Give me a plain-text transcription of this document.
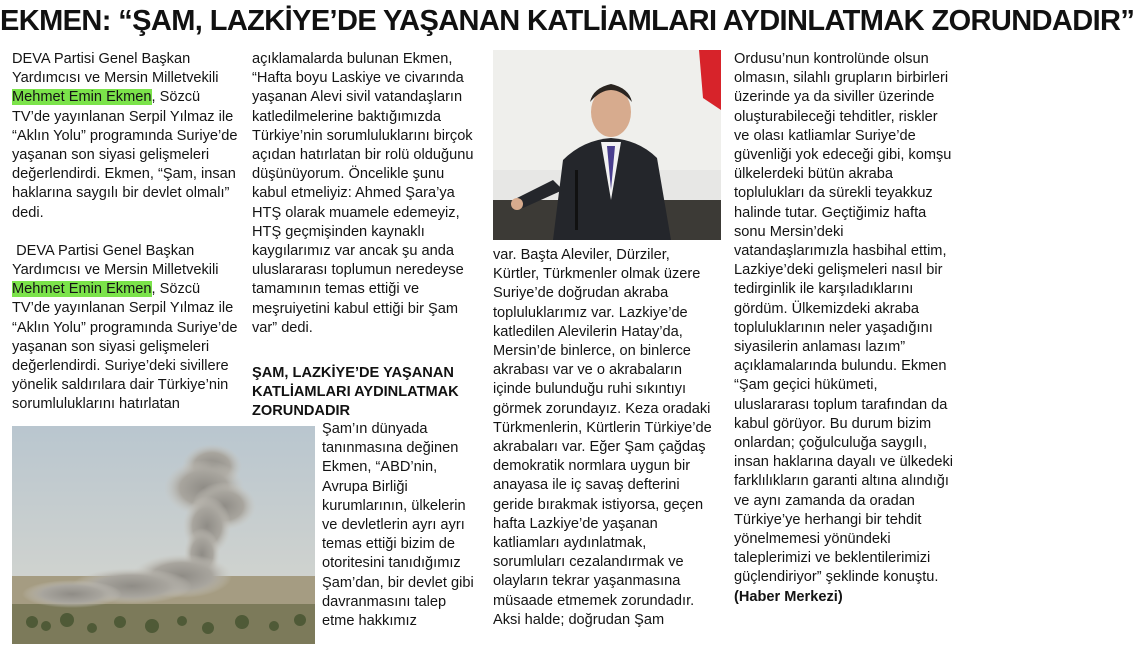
EKMEN: “ŞAM, LAZKİYE’DE YAŞANAN KATLİAMLARI AYDINLATMAK ZORUNDADIR”

DEVA Partisi Genel Başkan Yardımcısı ve Mersin Milletvekili Mehmet Emin Ekmen, Sözcü TV’de yayınlanan Serpil Yılmaz ile “Aklın Yolu” programında Suriye’de yaşanan son siyasi gelişmeleri değerlendirdi. Ekmen, “Şam, insan haklarına saygılı bir devlet olmalı” dedi.

DEVA Partisi Genel Başkan Yardımcısı ve Mersin Milletvekili Mehmet Emin Ekmen, Sözcü TV’de yayınlanan Serpil Yılmaz ile “Aklın Yolu” programında Suriye’de yaşanan son siyasi gelişmeleri değerlendirdi. Suriye’deki sivillere yönelik saldırılara dair Türkiye’nin sorumluluklarını hatırlatan

açıklamalarda bulunan Ekmen, “Hafta boyu Laskiye ve civarında yaşanan Alevi sivil vatandaşların katledilmelerine baktığımızda Türkiye’nin sorumluluklarını birçok açıdan hatırlatan bir rolü olduğunu düşünüyorum. Öncelikle şunu kabul etmeliyiz: Ahmed Şara’ya HTŞ olarak muamele edemeyiz, HTŞ geçmişinden kaynaklı kaygılarımız var ancak şu anda uluslararası toplumun neredeyse tamamının temas ettiği ve meşruiyetini kabul ettiği bir Şam var” dedi.

ŞAM, LAZKİYE’DE YAŞANAN KATLİAMLARI AYDINLATMAK ZORUNDADIR

Şam’ın dünyada tanınmasına değinen Ekmen, “ABD’nin, Avrupa Birliği kurumlarının, ülkelerin ve devletlerin ayrı ayrı temas ettiği bizim de otoritesini tanıdığımız Şam’dan, bir devlet gibi davranmasını talep etme hakkımız

var. Başta Aleviler, Dürziler, Kürtler, Türkmenler olmak üzere Suriye’de doğrudan akraba topluluklarımız var. Lazkiye’de katledilen Alevilerin Hatay’da, Mersin’de binlerce, on binlerce akrabası var ve o akrabaların içinde bulunduğu ruhi sıkıntıyı görmek zorundayız. Keza oradaki Türkmenlerin, Kürtlerin Türkiye’de akrabaları var. Eğer Şam çağdaş demokratik normlara uygun bir anayasa ile iç savaş defterini geride bırakmak istiyorsa, geçen hafta Lazkiye’de yaşanan katliamları aydınlatmak, sorumluları cezalandırmak ve olayların tekrar yaşanmasına müsaade etmemek zorundadır. Aksi halde; doğrudan Şam

Ordusu’nun kontrolünde olsun olmasın, silahlı grupların birbirleri üzerinde ya da siviller üzerinde oluşturabileceği tehditler, riskler ve olası katliamlar Suriye’de güvenliği yok edeceği gibi, komşu ülkelerdeki bütün akraba toplulukları da sürekli teyakkuz halinde tutar. Geçtiğimiz hafta sonu Mersin’deki vatandaşlarımızla hasbihal ettim, Lazkiye’deki gelişmeleri nasıl bir tedirginlik ile karşıladıklarını gördüm. Ülkemizdeki akraba topluluklarının neler yaşadığını siyasilerin anlaması lazım” açıklamalarında bulundu. Ekmen “Şam geçici hükümeti, uluslararası toplum tarafından da kabul görüyor. Bu durum bizim onlardan; çoğulculuğa saygılı, insan haklarına dayalı ve ülkedeki farklılıkların garanti altına alındığı ve aynı zamanda da oradan Türkiye’ye herhangi bir tehdit yönelmemesi yönündeki taleplerimizi ve beklentilerimizi güçlendiriyor” şeklinde konuştu. (Haber Merkezi)
